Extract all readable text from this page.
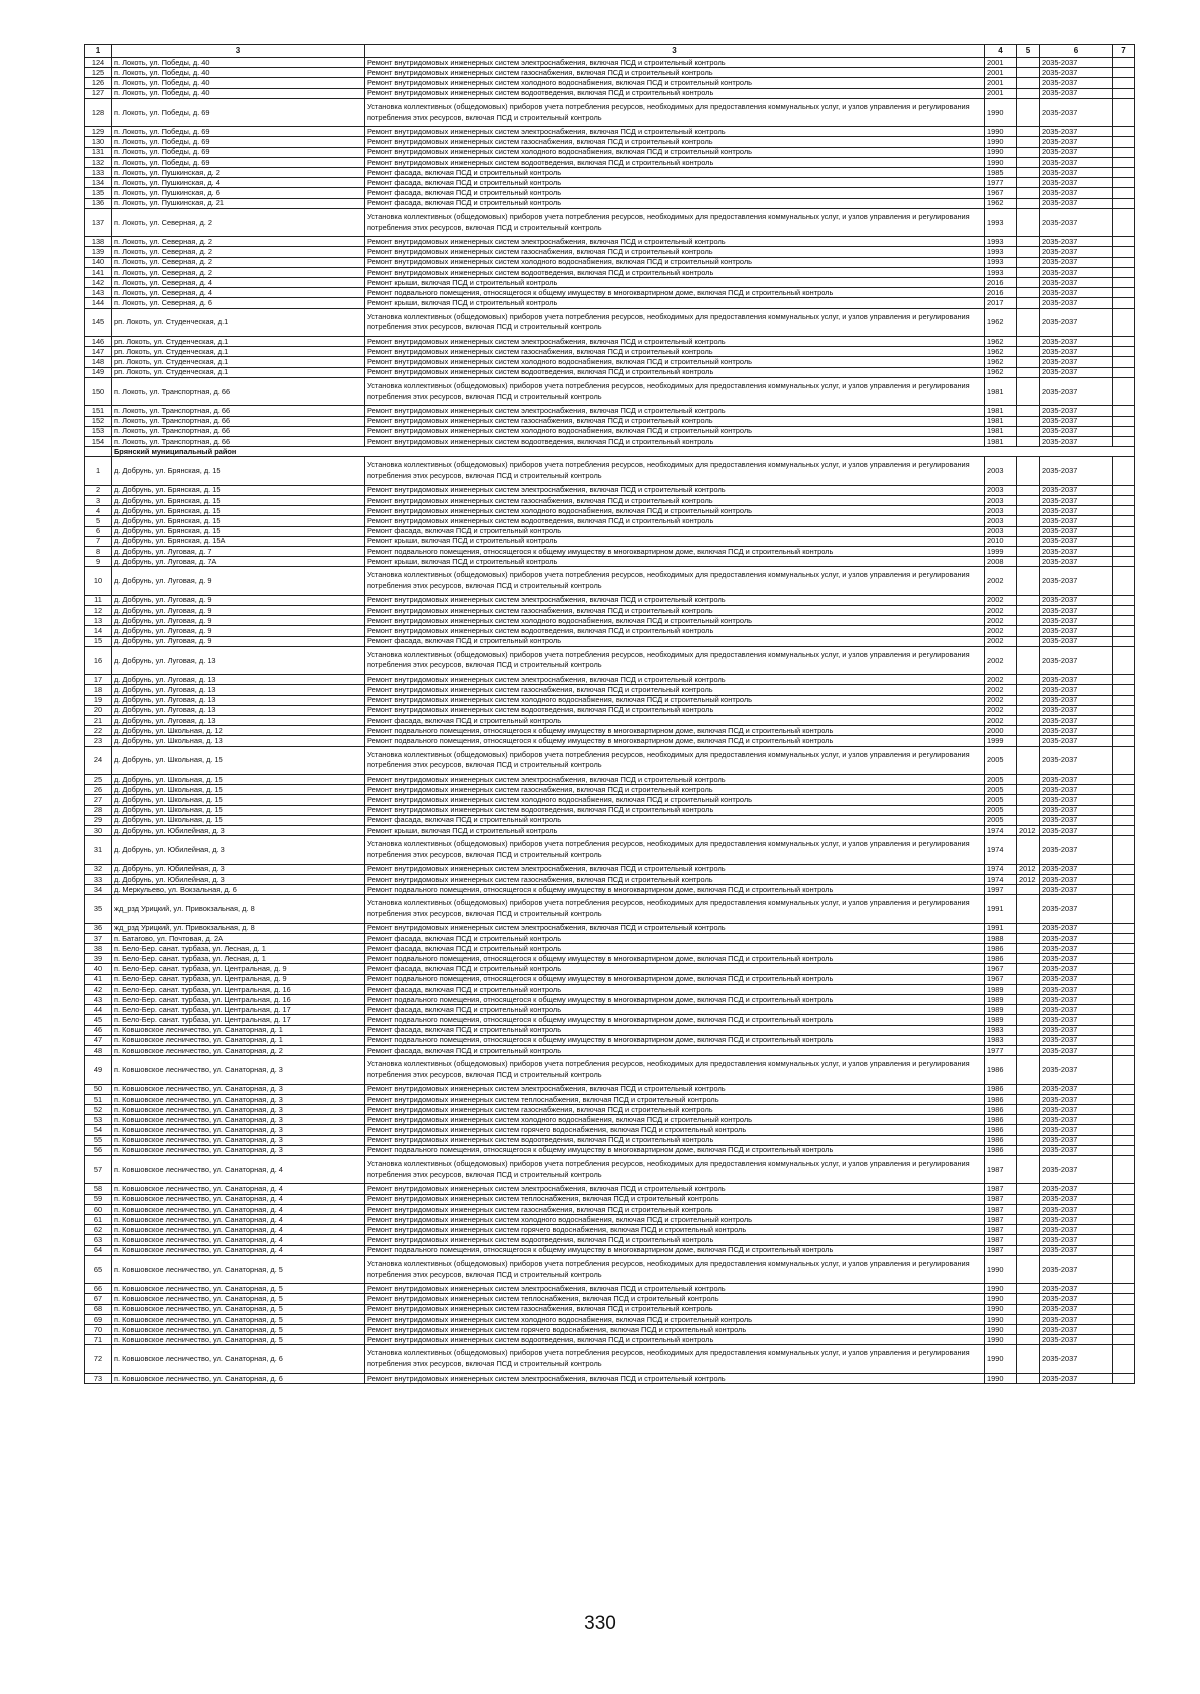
1	3	3	4	5	6	7
124	п. Локоть, ул. Победы, д. 40	Ремонт внутридомовых инженерных систем электроснабжения, включая ПСД и строительный контроль	2001		2035-2037	
125	п. Локоть, ул. Победы, д. 40	Ремонт внутридомовых инженерных систем газоснабжения, включая ПСД и строительный контроль	2001		2035-2037	
126	п. Локоть, ул. Победы, д. 40	Ремонт внутридомовых инженерных систем холодного водоснабжения, включая ПСД и строительный контроль	2001		2035-2037	
127	п. Локоть, ул. Победы, д. 40	Ремонт внутридомовых инженерных систем водоотведения, включая ПСД и строительный контроль	2001		2035-2037	
128	п. Локоть, ул. Победы, д. 69	Установка коллективных (общедомовых) приборов учета потребления ресурсов, необходимых для предоставления коммунальных услуг, и узлов управления и регулирования потребления этих ресурсов, включая ПСД и строительный контроль	1990		2035-2037	
129	п. Локоть, ул. Победы, д. 69	Ремонт внутридомовых инженерных систем электроснабжения, включая ПСД и строительный контроль	1990		2035-2037	
130	п. Локоть, ул. Победы, д. 69	Ремонт внутридомовых инженерных систем газоснабжения, включая ПСД и строительный контроль	1990		2035-2037	
131	п. Локоть, ул. Победы, д. 69	Ремонт внутридомовых инженерных систем холодного водоснабжения, включая ПСД и строительный контроль	1990		2035-2037	
132	п. Локоть, ул. Победы, д. 69	Ремонт внутридомовых инженерных систем водоотведения, включая ПСД и строительный контроль	1990		2035-2037	
133	п. Локоть, ул. Пушкинская, д. 2	Ремонт фасада, включая ПСД и строительный контроль	1985		2035-2037	
134	п. Локоть, ул. Пушкинская, д. 4	Ремонт фасада, включая ПСД и строительный контроль	1977		2035-2037	
135	п. Локоть, ул. Пушкинская, д. 6	Ремонт фасада, включая ПСД и строительный контроль	1967		2035-2037	
136	п. Локоть, ул. Пушкинская, д. 21	Ремонт фасада, включая ПСД и строительный контроль	1962		2035-2037	
137	п. Локоть, ул. Северная, д. 2	Установка коллективных (общедомовых) приборов учета потребления ресурсов, необходимых для предоставления коммунальных услуг, и узлов управления и регулирования потребления этих ресурсов, включая ПСД и строительный контроль	1993		2035-2037	
138	п. Локоть, ул. Северная, д. 2	Ремонт внутридомовых инженерных систем электроснабжения, включая ПСД и строительный контроль	1993		2035-2037	
139	п. Локоть, ул. Северная, д. 2	Ремонт внутридомовых инженерных систем газоснабжения, включая ПСД и строительный контроль	1993		2035-2037	
140	п. Локоть, ул. Северная, д. 2	Ремонт внутридомовых инженерных систем холодного водоснабжения, включая ПСД и строительный контроль	1993		2035-2037	
141	п. Локоть, ул. Северная, д. 2	Ремонт внутридомовых инженерных систем водоотведения, включая ПСД и строительный контроль	1993		2035-2037	
142	п. Локоть, ул. Северная, д. 4	Ремонт крыши, включая ПСД и строительный контроль	2016		2035-2037	
143	п. Локоть, ул. Северная, д. 4	Ремонт подвального помещения, относящегося к общему имуществу в многоквартирном доме, включая ПСД и строительный контроль	2016		2035-2037	
144	п. Локоть, ул. Северная, д. 6	Ремонт крыши, включая ПСД и строительный контроль	2017		2035-2037	
145	рп. Локоть, ул. Студенческая, д.1	Установка коллективных (общедомовых) приборов учета потребления ресурсов, необходимых для предоставления коммунальных услуг, и узлов управления и регулирования потребления этих ресурсов, включая ПСД и строительный контроль	1962		2035-2037	
146	рп. Локоть, ул. Студенческая, д.1	Ремонт внутридомовых инженерных систем электроснабжения, включая ПСД и строительный контроль	1962		2035-2037	
147	рп. Локоть, ул. Студенческая, д.1	Ремонт внутридомовых инженерных систем газоснабжения, включая ПСД и строительный контроль	1962		2035-2037	
148	рп. Локоть, ул. Студенческая, д.1	Ремонт внутридомовых инженерных систем холодного водоснабжения, включая ПСД и строительный контроль	1962		2035-2037	
149	рп. Локоть, ул. Студенческая, д.1	Ремонт внутридомовых инженерных систем водоотведения, включая ПСД и строительный контроль	1962		2035-2037	
150	п. Локоть, ул. Транспортная, д. 66	Установка коллективных (общедомовых) приборов учета потребления ресурсов, необходимых для предоставления коммунальных услуг, и узлов управления и регулирования потребления этих ресурсов, включая ПСД и строительный контроль	1981		2035-2037	
151	п. Локоть, ул. Транспортная, д. 66	Ремонт внутридомовых инженерных систем электроснабжения, включая ПСД и строительный контроль	1981		2035-2037	
152	п. Локоть, ул. Транспортная, д. 66	Ремонт внутридомовых инженерных систем газоснабжения, включая ПСД и строительный контроль	1981		2035-2037	
153	п. Локоть, ул. Транспортная, д. 66	Ремонт внутридомовых инженерных систем холодного водоснабжения, включая ПСД и строительный контроль	1981		2035-2037	
154	п. Локоть, ул. Транспортная, д. 66	Ремонт внутридомовых инженерных систем водоотведения, включая ПСД и строительный контроль	1981		2035-2037	
	Брянский муниципальный район					
1	д. Добрунь, ул. Брянская, д. 15	Установка коллективных (общедомовых) приборов учета потребления ресурсов, необходимых для предоставления коммунальных услуг, и узлов управления и регулирования потребления этих ресурсов, включая ПСД и строительный контроль	2003		2035-2037	
2	д. Добрунь, ул. Брянская, д. 15	Ремонт внутридомовых инженерных систем электроснабжения, включая ПСД и строительный контроль	2003		2035-2037	
3	д. Добрунь, ул. Брянская, д. 15	Ремонт внутридомовых инженерных систем газоснабжения, включая ПСД и строительный контроль	2003		2035-2037	
4	д. Добрунь, ул. Брянская, д. 15	Ремонт внутридомовых инженерных систем холодного водоснабжения, включая ПСД и строительный контроль	2003		2035-2037	
5	д. Добрунь, ул. Брянская, д. 15	Ремонт внутридомовых инженерных систем водоотведения, включая ПСД и строительный контроль	2003		2035-2037	
6	д. Добрунь, ул. Брянская, д. 15	Ремонт фасада, включая ПСД и строительный контроль	2003		2035-2037	
7	д. Добрунь, ул. Брянская, д. 15А	Ремонт крыши, включая ПСД и строительный контроль	2010		2035-2037	
8	д. Добрунь, ул. Луговая, д. 7	Ремонт подвального помещения, относящегося к общему имуществу в многоквартирном доме, включая ПСД и строительный контроль	1999		2035-2037	
9	д. Добрунь, ул. Луговая, д. 7А	Ремонт крыши, включая ПСД и строительный контроль	2008		2035-2037	
10	д. Добрунь, ул. Луговая, д. 9	Установка коллективных (общедомовых) приборов учета потребления ресурсов, необходимых для предоставления коммунальных услуг, и узлов управления и регулирования потребления этих ресурсов, включая ПСД и строительный контроль	2002		2035-2037	
11	д. Добрунь, ул. Луговая, д. 9	Ремонт внутридомовых инженерных систем электроснабжения, включая ПСД и строительный контроль	2002		2035-2037	
12	д. Добрунь, ул. Луговая, д. 9	Ремонт внутридомовых инженерных систем газоснабжения, включая ПСД и строительный контроль	2002		2035-2037	
13	д. Добрунь, ул. Луговая, д. 9	Ремонт внутридомовых инженерных систем холодного водоснабжения, включая ПСД и строительный контроль	2002		2035-2037	
14	д. Добрунь, ул. Луговая, д. 9	Ремонт внутридомовых инженерных систем водоотведения, включая ПСД и строительный контроль	2002		2035-2037	
15	д. Добрунь, ул. Луговая, д. 9	Ремонт фасада, включая ПСД и строительный контроль	2002		2035-2037	
16	д. Добрунь, ул. Луговая, д. 13	Установка коллективных (общедомовых) приборов учета потребления ресурсов, необходимых для предоставления коммунальных услуг, и узлов управления и регулирования потребления этих ресурсов, включая ПСД и строительный контроль	2002		2035-2037	
17	д. Добрунь, ул. Луговая, д. 13	Ремонт внутридомовых инженерных систем электроснабжения, включая ПСД и строительный контроль	2002		2035-2037	
18	д. Добрунь, ул. Луговая, д. 13	Ремонт внутридомовых инженерных систем газоснабжения, включая ПСД и строительный контроль	2002		2035-2037	
19	д. Добрунь, ул. Луговая, д. 13	Ремонт внутридомовых инженерных систем холодного водоснабжения, включая ПСД и строительный контроль	2002		2035-2037	
20	д. Добрунь, ул. Луговая, д. 13	Ремонт внутридомовых инженерных систем водоотведения, включая ПСД и строительный контроль	2002		2035-2037	
21	д. Добрунь, ул. Луговая, д. 13	Ремонт фасада, включая ПСД и строительный контроль	2002		2035-2037	
22	д. Добрунь, ул. Школьная, д. 12	Ремонт подвального помещения, относящегося к общему имуществу в многоквартирном доме, включая ПСД и строительный контроль	2000		2035-2037	
23	д. Добрунь, ул. Школьная, д. 13	Ремонт подвального помещения, относящегося к общему имуществу в многоквартирном доме, включая ПСД и строительный контроль	1999		2035-2037	
24	д. Добрунь, ул. Школьная, д. 15	Установка коллективных (общедомовых) приборов учета потребления ресурсов, необходимых для предоставления коммунальных услуг, и узлов управления и регулирования потребления этих ресурсов, включая ПСД и строительный контроль	2005		2035-2037	
25	д. Добрунь, ул. Школьная, д. 15	Ремонт внутридомовых инженерных систем электроснабжения, включая ПСД и строительный контроль	2005		2035-2037	
26	д. Добрунь, ул. Школьная, д. 15	Ремонт внутридомовых инженерных систем газоснабжения, включая ПСД и строительный контроль	2005		2035-2037	
27	д. Добрунь, ул. Школьная, д. 15	Ремонт внутридомовых инженерных систем холодного водоснабжения, включая ПСД и строительный контроль	2005		2035-2037	
28	д. Добрунь, ул. Школьная, д. 15	Ремонт внутридомовых инженерных систем водоотведения, включая ПСД и строительный контроль	2005		2035-2037	
29	д. Добрунь, ул. Школьная, д. 15	Ремонт фасада, включая ПСД и строительный контроль	2005		2035-2037	
30	д. Добрунь, ул. Юбилейная, д. 3	Ремонт крыши, включая ПСД и строительный контроль	1974	2012	2035-2037	
31	д. Добрунь, ул. Юбилейная, д. 3	Установка коллективных (общедомовых) приборов учета потребления ресурсов, необходимых для предоставления коммунальных услуг, и узлов управления и регулирования потребления этих ресурсов, включая ПСД и строительный контроль	1974		2035-2037	
32	д. Добрунь, ул. Юбилейная, д. 3	Ремонт внутридомовых инженерных систем электроснабжения, включая ПСД и строительный контроль	1974	2012	2035-2037	
33	д. Добрунь, ул. Юбилейная, д. 3	Ремонт внутридомовых инженерных систем газоснабжения, включая ПСД и строительный контроль	1974	2012	2035-2037	
34	д. Меркульево, ул. Вокзальная, д. 6	Ремонт подвального помещения, относящегося к общему имуществу в многоквартирном доме, включая ПСД и строительный контроль	1997		2035-2037	
35	жд_рзд Урицкий, ул. Привокзальная, д. 8	Установка коллективных (общедомовых) приборов учета потребления ресурсов, необходимых для предоставления коммунальных услуг, и узлов управления и регулирования потребления этих ресурсов, включая ПСД и строительный контроль	1991		2035-2037	
36	жд_рзд Урицкий, ул. Привокзальная, д. 8	Ремонт внутридомовых инженерных систем электроснабжения, включая ПСД и строительный контроль	1991		2035-2037	
37	п. Батагово, ул. Почтовая, д. 2А	Ремонт фасада, включая ПСД и строительный контроль	1988		2035-2037	
38	п. Бело-Бер. санат. турбаза, ул. Лесная, д. 1	Ремонт фасада, включая ПСД и строительный контроль	1986		2035-2037	
39	п. Бело-Бер. санат. турбаза, ул. Лесная, д. 1	Ремонт подвального помещения, относящегося к общему имуществу в многоквартирном доме, включая ПСД и строительный контроль	1986		2035-2037	
40	п. Бело-Бер. санат. турбаза, ул. Центральная, д. 9	Ремонт фасада, включая ПСД и строительный контроль	1967		2035-2037	
41	п. Бело-Бер. санат. турбаза, ул. Центральная, д. 9	Ремонт подвального помещения, относящегося к общему имуществу в многоквартирном доме, включая ПСД и строительный контроль	1967		2035-2037	
42	п. Бело-Бер. санат. турбаза, ул. Центральная, д. 16	Ремонт фасада, включая ПСД и строительный контроль	1989		2035-2037	
43	п. Бело-Бер. санат. турбаза, ул. Центральная, д. 16	Ремонт подвального помещения, относящегося к общему имуществу в многоквартирном доме, включая ПСД и строительный контроль	1989		2035-2037	
44	п. Бело-Бер. санат. турбаза, ул. Центральная, д. 17	Ремонт фасада, включая ПСД и строительный контроль	1989		2035-2037	
45	п. Бело-Бер. санат. турбаза, ул. Центральная, д. 17	Ремонт подвального помещения, относящегося к общему имуществу в многоквартирном доме, включая ПСД и строительный контроль	1989		2035-2037	
46	п. Ковшовское лесничество, ул. Санаторная, д. 1	Ремонт фасада, включая ПСД и строительный контроль	1983		2035-2037	
47	п. Ковшовское лесничество, ул. Санаторная, д. 1	Ремонт подвального помещения, относящегося к общему имуществу в многоквартирном доме, включая ПСД и строительный контроль	1983		2035-2037	
48	п. Ковшовское лесничество, ул. Санаторная, д. 2	Ремонт фасада, включая ПСД и строительный контроль	1977		2035-2037	
49	п. Ковшовское лесничество, ул. Санаторная, д. 3	Установка коллективных (общедомовых) приборов учета потребления ресурсов, необходимых для предоставления коммунальных услуг, и узлов управления и регулирования потребления этих ресурсов, включая ПСД и строительный контроль	1986		2035-2037	
50	п. Ковшовское лесничество, ул. Санаторная, д. 3	Ремонт внутридомовых инженерных систем электроснабжения, включая ПСД и строительный контроль	1986		2035-2037	
51	п. Ковшовское лесничество, ул. Санаторная, д. 3	Ремонт внутридомовых инженерных систем теплоснабжения, включая ПСД и строительный контроль	1986		2035-2037	
52	п. Ковшовское лесничество, ул. Санаторная, д. 3	Ремонт внутридомовых инженерных систем газоснабжения, включая ПСД и строительный контроль	1986		2035-2037	
53	п. Ковшовское лесничество, ул. Санаторная, д. 3	Ремонт внутридомовых инженерных систем холодного водоснабжения, включая ПСД и строительный контроль	1986		2035-2037	
54	п. Ковшовское лесничество, ул. Санаторная, д. 3	Ремонт внутридомовых инженерных систем горячего водоснабжения, включая ПСД и строительный контроль	1986		2035-2037	
55	п. Ковшовское лесничество, ул. Санаторная, д. 3	Ремонт внутридомовых инженерных систем водоотведения, включая ПСД и строительный контроль	1986		2035-2037	
56	п. Ковшовское лесничество, ул. Санаторная, д. 3	Ремонт подвального помещения, относящегося к общему имуществу в многоквартирном доме, включая ПСД и строительный контроль	1986		2035-2037	
57	п. Ковшовское лесничество, ул. Санаторная, д. 4	Установка коллективных (общедомовых) приборов учета потребления ресурсов, необходимых для предоставления коммунальных услуг, и узлов управления и регулирования потребления этих ресурсов, включая ПСД и строительный контроль	1987		2035-2037	
58	п. Ковшовское лесничество, ул. Санаторная, д. 4	Ремонт внутридомовых инженерных систем электроснабжения, включая ПСД и строительный контроль	1987		2035-2037	
59	п. Ковшовское лесничество, ул. Санаторная, д. 4	Ремонт внутридомовых инженерных систем теплоснабжения, включая ПСД и строительный контроль	1987		2035-2037	
60	п. Ковшовское лесничество, ул. Санаторная, д. 4	Ремонт внутридомовых инженерных систем газоснабжения, включая ПСД и строительный контроль	1987		2035-2037	
61	п. Ковшовское лесничество, ул. Санаторная, д. 4	Ремонт внутридомовых инженерных систем холодного водоснабжения, включая ПСД и строительный контроль	1987		2035-2037	
62	п. Ковшовское лесничество, ул. Санаторная, д. 4	Ремонт внутридомовых инженерных систем горячего водоснабжения, включая ПСД и строительный контроль	1987		2035-2037	
63	п. Ковшовское лесничество, ул. Санаторная, д. 4	Ремонт внутридомовых инженерных систем водоотведения, включая ПСД и строительный контроль	1987		2035-2037	
64	п. Ковшовское лесничество, ул. Санаторная, д. 4	Ремонт подвального помещения, относящегося к общему имуществу в многоквартирном доме, включая ПСД и строительный контроль	1987		2035-2037	
65	п. Ковшовское лесничество, ул. Санаторная, д. 5	Установка коллективных (общедомовых) приборов учета потребления ресурсов, необходимых для предоставления коммунальных услуг, и узлов управления и регулирования потребления этих ресурсов, включая ПСД и строительный контроль	1990		2035-2037	
66	п. Ковшовское лесничество, ул. Санаторная, д. 5	Ремонт внутридомовых инженерных систем электроснабжения, включая ПСД и строительный контроль	1990		2035-2037	
67	п. Ковшовское лесничество, ул. Санаторная, д. 5	Ремонт внутридомовых инженерных систем теплоснабжения, включая ПСД и строительный контроль	1990		2035-2037	
68	п. Ковшовское лесничество, ул. Санаторная, д. 5	Ремонт внутридомовых инженерных систем газоснабжения, включая ПСД и строительный контроль	1990		2035-2037	
69	п. Ковшовское лесничество, ул. Санаторная, д. 5	Ремонт внутридомовых инженерных систем холодного водоснабжения, включая ПСД и строительный контроль	1990		2035-2037	
70	п. Ковшовское лесничество, ул. Санаторная, д. 5	Ремонт внутридомовых инженерных систем горячего водоснабжения, включая ПСД и строительный контроль	1990		2035-2037	
71	п. Ковшовское лесничество, ул. Санаторная, д. 5	Ремонт внутридомовых инженерных систем водоотведения, включая ПСД и строительный контроль	1990		2035-2037	
72	п. Ковшовское лесничество, ул. Санаторная, д. 6	Установка коллективных (общедомовых) приборов учета потребления ресурсов, необходимых для предоставления коммунальных услуг, и узлов управления и регулирования потребления этих ресурсов, включая ПСД и строительный контроль	1990		2035-2037	
73	п. Ковшовское лесничество, ул. Санаторная, д. 6	Ремонт внутридомовых инженерных систем электроснабжения, включая ПСД и строительный контроль	1990		2035-2037	
330
